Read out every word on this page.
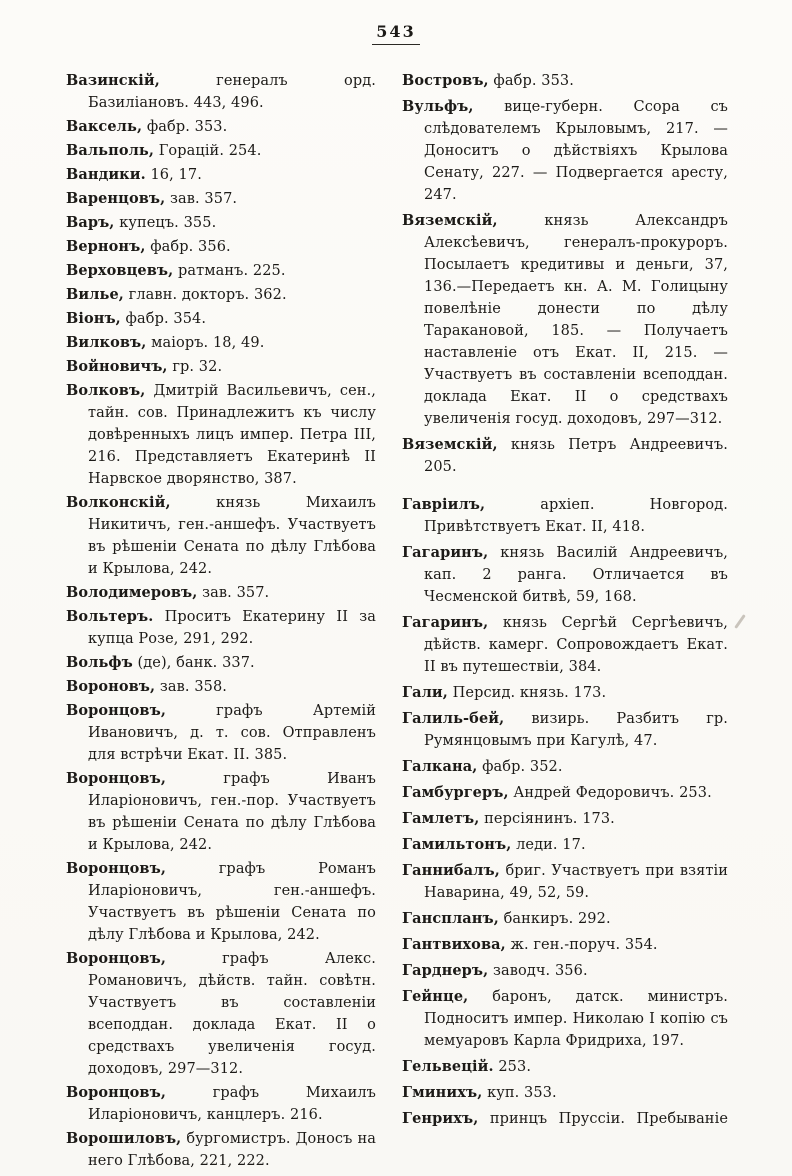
543

Вазинскій,	генералъ орд. Базиліановъ. 443, 496.

Ваксель, фабр. 353.

Вальполь, Горацій. 254.

Вандики. 16, 17.

Варенцовъ, зав. 357.

Варъ, купецъ. 355.

Вернонъ, фабр. 356.

Верховцевъ, ратманъ. 225.

Вилье, главн. докторъ. 362.

Віонъ, фабр. 354.

Вилковъ, маіоръ. 18, 49.

Войновичъ, гр. 32.

Волковъ, Дмитрій Васильевичъ, сен., тайн. сов. Принадлежитъ къ числу довѣренныхъ лицъ импер. Петра III, 216. Представляетъ Екатеринѣ II Нарвское дворянство, 387.

Волконскій,	князь Михаилъ Никитичъ, ген.-аншефъ. Участвуетъ въ рѣшеніи Сената по дѣлу Глѣбова и Крылова, 242.

Володимеровъ, зав. 357.

Вольтеръ. Проситъ Екатерину II за купца Розе, 291, 292.

Вольфъ (де), банк. 337.

Вороновъ, зав. 358.

Воронцовъ,	графъ Артемій Ивановичъ, д. т. сов. Отправленъ для встрѣчи Екат. II. 385.

Воронцовъ,	графъ Иванъ Иларіоновичъ, ген.-пор. Участвуетъ въ рѣшеніи Сената по дѣлу Глѣбова и Крылова, 242.

Воронцовъ,	графъ Романъ Иларіоновичъ, ген.-аншефъ. Участвуетъ въ рѣшеніи Сената по дѣлу Глѣбова и Крылова, 242.

Воронцовъ,	графъ Алекс. Романовичъ, дѣйств. тайн. совѣтн. Участвуетъ въ составленіи всеподдан. доклада Екат. II о средствахъ увеличенія госуд. доходовъ, 297—312.

Воронцовъ,	графъ Михаилъ Иларіоновичъ, канцлеръ. 216.

Ворошиловъ, бургомистръ. Доносъ на него Глѣбова, 221, 222.

Востровъ, фабр. 353.

Вульфъ, вице-губерн. Ссора съ слѣдователемъ Крыловымъ, 217. — Доноситъ о дѣйствіяхъ Крылова Сенату, 227. — Подвергается аресту, 247.

Вяземскій,	князь Александръ Алексѣевичъ, генералъ-прокуроръ. Посылаетъ кредитивы и деньги, 37, 136.—Передаетъ кн. А. М. Голицыну повелѣніе донести по дѣлу Таракановой, 185. — Получаетъ наставленіе отъ Екат. II, 215. — Участвуетъ въ составленіи всеподдан. доклада Екат. II о средствахъ увеличенія госуд. доходовъ, 297—312.

Вяземскій, князь Петръ Андреевичъ. 205.

Гавріилъ,	архіеп. Новгород. Привѣтствуетъ Екат. II, 418.

Гагаринъ, князь Василій Андреевичъ, кап. 2 ранга. Отличается въ Чесменской битвѣ, 59, 168.

Гагаринъ, князь Сергѣй Сергѣевичъ, дѣйств. камерг. Сопровождаетъ Екат. II въ путешествіи, 384.

Гали, Персид. князь. 173.

Галиль-бей, визирь. Разбитъ гр. Румянцовымъ при Кагулѣ, 47.

Галкана, фабр. 352.

Гамбургеръ, Андрей Федоровичъ. 253.

Гамлетъ, персіянинъ. 173.

Гамильтонъ, леди. 17.

Ганнибалъ, бриг. Участвуетъ при взятіи Наварина, 49, 52, 59.

Ганспланъ, банкиръ. 292.

Гантвихова, ж. ген.-поруч. 354.

Гарднеръ, заводч. 356.

Гейнце, баронъ, датск. министръ. Подноситъ импер. Николаю I копію съ мемуаровъ Карла Фридриха, 197.

Гельвецій. 253.

Гминихъ, куп. 353.

Генрихъ, принцъ Пруссіи. Пребываніе
